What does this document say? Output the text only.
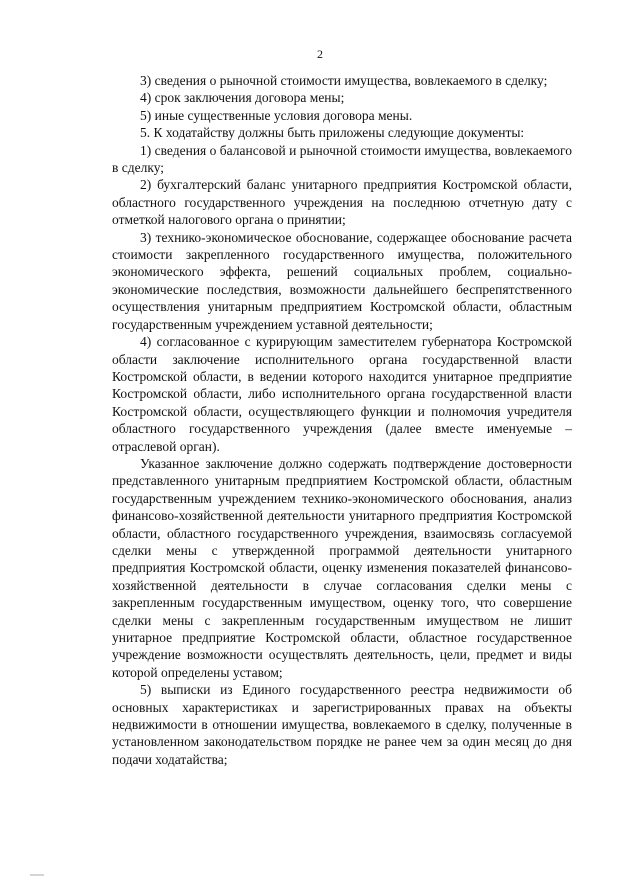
2

3) сведения о рыночной стоимости имущества, вовлекаемого в сделку;

4) срок заключения договора мены;

5) иные существенные условия договора мены.

5. К ходатайству должны быть приложены следующие документы:

1) сведения о балансовой и рыночной стоимости имущества, вовлекаемого в сделку;

2) бухгалтерский баланс унитарного предприятия Костромской области, областного государственного учреждения на последнюю отчетную дату с отметкой налогового органа о принятии;

3) технико-экономическое обоснование, содержащее обоснование расчета стоимости закрепленного государственного имущества, положительного экономического эффекта, решений социальных проблем, социально-экономические последствия, возможности дальнейшего беспрепятственного осуществления унитарным предприятием Костромской области, областным государственным учреждением уставной деятельности;

4) согласованное с курирующим заместителем губернатора Костромской области заключение исполнительного органа государственной власти Костромской области, в ведении которого находится унитарное предприятие Костромской области, либо исполнительного органа государственной власти Костромской области, осуществляющего функции и полномочия учредителя областного государственного учреждения (далее вместе именуемые – отраслевой орган).

Указанное заключение должно содержать подтверждение достоверности представленного унитарным предприятием Костромской области, областным государственным учреждением технико-экономического обоснования, анализ финансово-хозяйственной деятельности унитарного предприятия Костромской области, областного государственного учреждения, взаимосвязь согласуемой сделки мены с утвержденной программой деятельности унитарного предприятия Костромской области, оценку изменения показателей финансово-хозяйственной деятельности в случае согласования сделки мены с закрепленным государственным имуществом, оценку того, что совершение сделки мены с закрепленным государственным имуществом не лишит унитарное предприятие Костромской области, областное государственное учреждение возможности осуществлять деятельность, цели, предмет и виды которой определены уставом;

5) выписки из Единого государственного реестра недвижимости об основных характеристиках и зарегистрированных правах на объекты недвижимости в отношении имущества, вовлекаемого в сделку, полученные в установленном законодательством порядке не ранее чем за один месяц до дня подачи ходатайства;
